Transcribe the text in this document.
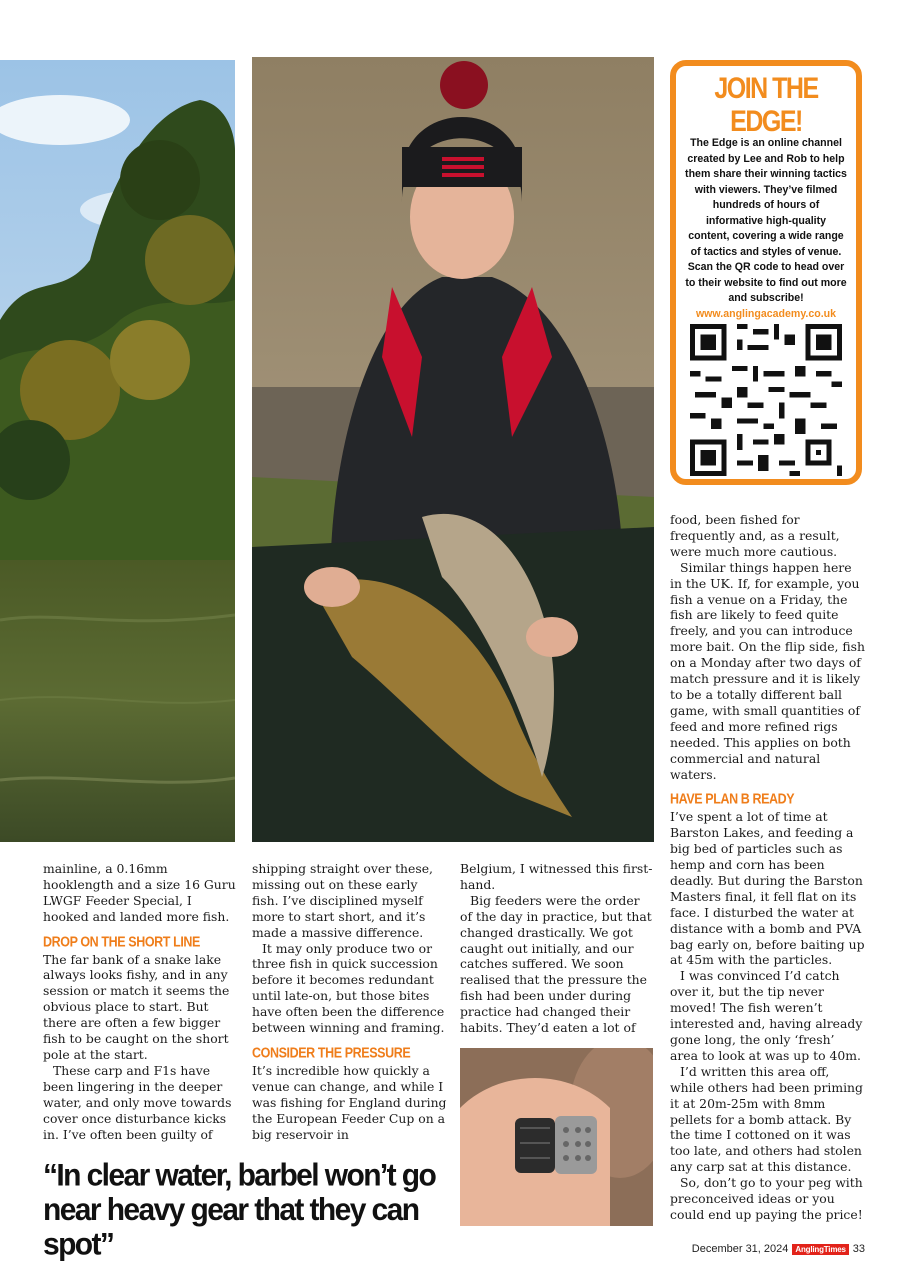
JOIN THE EDGE!
The Edge is an online channel created by Lee and Rob to help them share their winning tactics with viewers. They’ve filmed hundreds of hours of informative high-quality content, covering a wide range of tactics and styles of venue. Scan the QR code to head over to their website to find out more and subscribe!
www.anglingacademy.co.uk

mainline, a 0.16mm hooklength and a size 16 Guru LWGF Feeder Special, I hooked and landed more fish.

DROP ON THE SHORT LINE

The far bank of a snake lake always looks fishy, and in any session or match it seems the obvious place to start. But there are often a few bigger fish to be caught on the short pole at the start.

These carp and F1s have been lingering in the deeper water, and only move towards cover once disturbance kicks in. I’ve often been guilty of

shipping straight over these, missing out on these early fish. I’ve disciplined myself more to start short, and it’s made a massive difference.

It may only produce two or three fish in quick succession before it becomes redundant until late-on, but those bites have often been the difference between winning and framing.

CONSIDER THE PRESSURE

It’s incredible how quickly a venue can change, and while I was fishing for England during the European Feeder Cup on a big reservoir in

Belgium, I witnessed this first-hand.

Big feeders were the order of the day in practice, but that changed drastically. We got caught out initially, and our catches suffered. We soon realised that the pressure the fish had been under during practice had changed their habits. They’d eaten a lot of

food, been fished for frequently and, as a result, were much more cautious.

Similar things happen here in the UK. If, for example, you fish a venue on a Friday, the fish are likely to feed quite freely, and you can introduce more bait. On the flip side, fish on a Monday after two days of match pressure and it is likely to be a totally different ball game, with small quantities of feed and more refined rigs needed. This applies on both commercial and natural waters.

HAVE PLAN B READY

I’ve spent a lot of time at Barston Lakes, and feeding a big bed of particles such as hemp and corn has been deadly. But during the Barston Masters final, it fell flat on its face. I disturbed the water at distance with a bomb and PVA bag early on, before baiting up at 45m with the particles.

I was convinced I’d catch over it, but the tip never moved! The fish weren’t interested and, having already gone long, the only ‘fresh’ area to look at was up to 40m.

I’d written this area off, while others had been priming it at 20m-25m with 8mm pellets for a bomb attack. By the time I cottoned on it was too late, and others had stolen any carp sat at this distance.

So, don’t go to your peg with preconceived ideas or you could end up paying the price!

“In clear water, barbel won’t go near heavy gear that they can spot”	December 31, 2024 AnglingTimes 33
